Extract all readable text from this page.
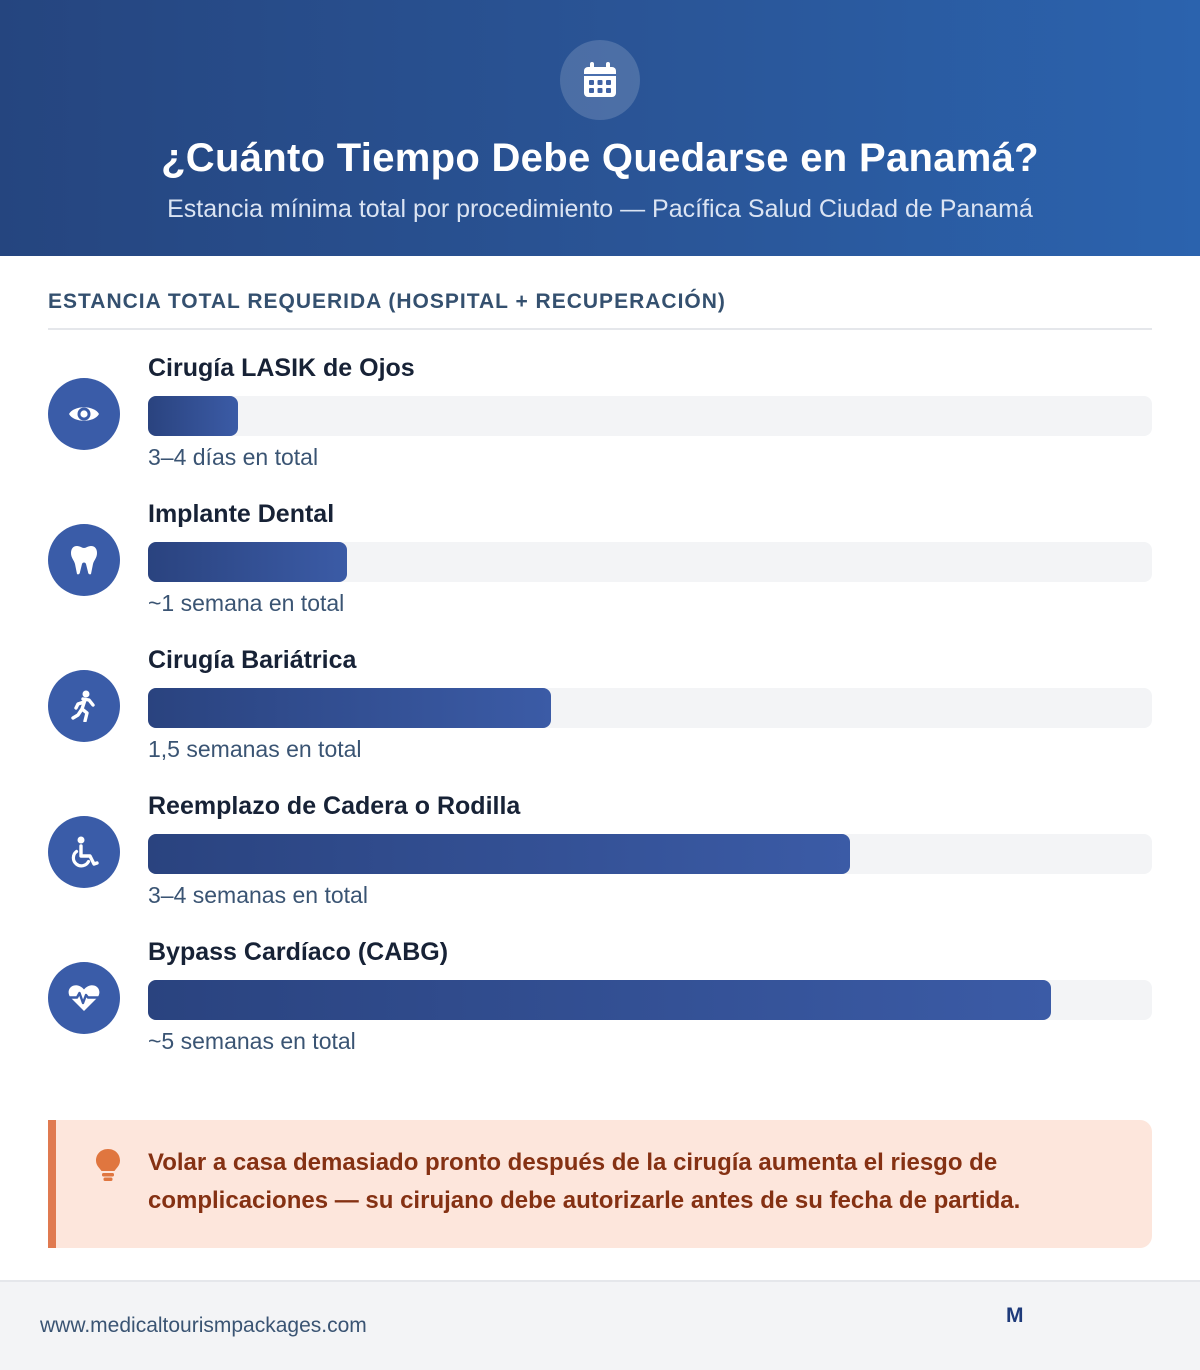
¿Cuánto Tiempo Debe Quedarse en Panamá?
Estancia mínima total por procedimiento — Pacífica Salud Ciudad de Panamá
ESTANCIA TOTAL REQUERIDA (HOSPITAL + RECUPERACIÓN)
Cirugía LASIK de Ojos
3–4 días en total
Implante Dental
~1 semana en total
Cirugía Bariátrica
1,5 semanas en total
Reemplazo de Cadera o Rodilla
3–4 semanas en total
Bypass Cardíaco (CABG)
~5 semanas en total
Volar a casa demasiado pronto después de la cirugía aumenta el riesgo de complicaciones — su cirujano debe autorizarle antes de su fecha de partida.
www.medicaltourismpackages.com	M
